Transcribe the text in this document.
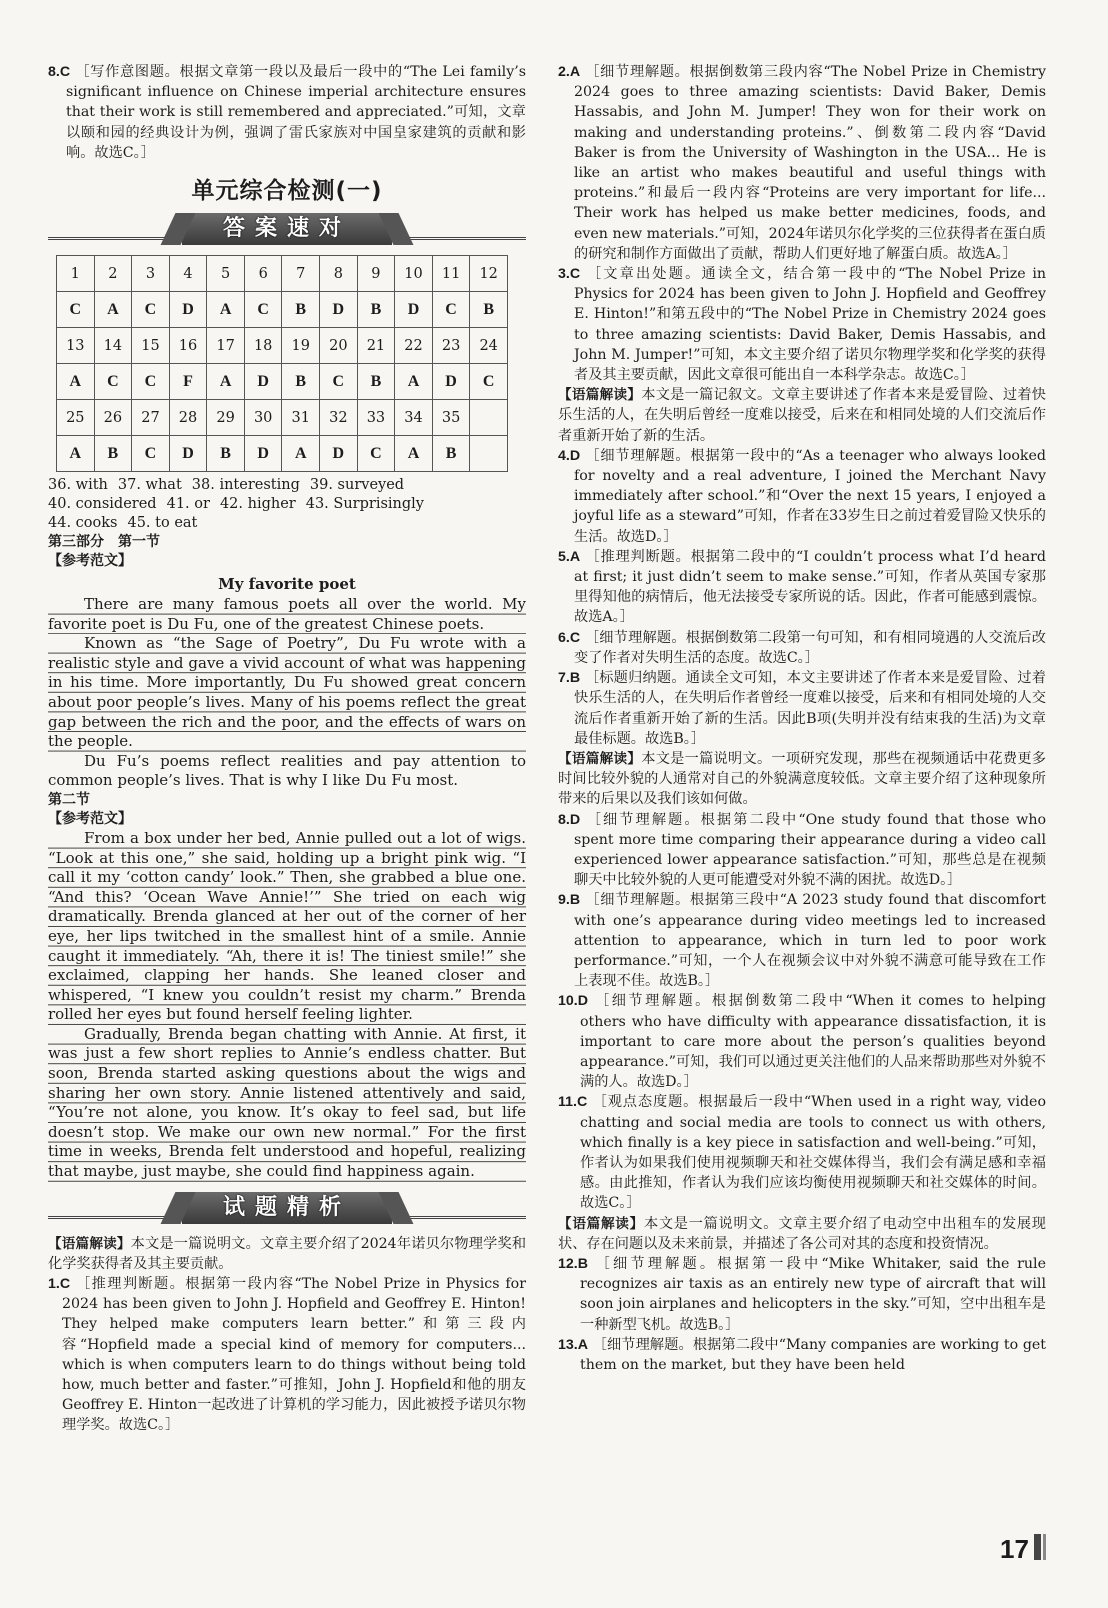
8.C ［写作意图题。根据文章第一段以及最后一段中的“The Lei family’s significant influence on Chinese imperial architecture ensures that their work is still remembered and appreciated.”可知，文章以颐和园的经典设计为例，强调了雷氏家族对中国皇家建筑的贡献和影响。故选C。］

单元综合检测(一)
答案速对
1	2	3	4	5	6	7	8	9	10	11	12
C	A	C	D	A	C	B	D	B	D	C	B
13	14	15	16	17	18	19	20	21	22	23	24
A	C	C	F	A	D	B	C	B	A	D	C
25	26	27	28	29	30	31	32	33	34	35	
A	B	C	D	B	D	A	D	C	A	B	

36. with 37. what 38. interesting 39. surveyed

40. considered 41. or 42. higher 43. Surprisingly

44. cooks 45. to eat

第三部分　第一节

【参考范文】

My favorite poet

There are many famous poets all over the world. My favorite poet is Du Fu, one of the greatest Chinese poets.

Known as “the Sage of Poetry”, Du Fu wrote with a realistic style and gave a vivid account of what was happening in his time. More importantly, Du Fu showed great concern about poor people’s lives. Many of his poems reflect the great gap between the rich and the poor, and the effects of wars on the people.

Du Fu’s poems reflect realities and pay attention to common people’s lives. That is why I like Du Fu most.

第二节

【参考范文】

From a box under her bed, Annie pulled out a lot of wigs. “Look at this one,” she said, holding up a bright pink wig. “I call it my ‘cotton candy’ look.” Then, she grabbed a blue one. “And this? ‘Ocean Wave Annie!’” She tried on each wig dramatically. Brenda glanced at her out of the corner of her eye, her lips twitched in the smallest hint of a smile. Annie caught it immediately. “Ah, there it is! The tiniest smile!” she exclaimed, clapping her hands. She leaned closer and whispered, “I knew you couldn’t resist my charm.” Brenda rolled her eyes but found herself feeling lighter.

Gradually, Brenda began chatting with Annie. At first, it was just a few short replies to Annie’s endless chatter. But soon, Brenda started asking questions about the wigs and sharing her own story. Annie listened attentively and said, “You’re not alone, you know. It’s okay to feel sad, but life doesn’t stop. We make our own new normal.” For the first time in weeks, Brenda felt understood and hopeful, realizing that maybe, just maybe, she could find happiness again.

试题精析

【语篇解读】本文是一篇说明文。文章主要介绍了2024年诺贝尔物理学奖和化学奖获得者及其主要贡献。

1.C ［推理判断题。根据第一段内容“The Nobel Prize in Physics for 2024 has been given to John J. Hopfield and Geoffrey E. Hinton! They helped make computers learn better.”和第三段内容“Hopfield made a special kind of memory for computers... which is when computers learn to do things without being told how, much better and faster.”可推知，John J. Hopfield和他的朋友Geoffrey E. Hinton一起改进了计算机的学习能力，因此被授予诺贝尔物理学奖。故选C。］

2.A ［细节理解题。根据倒数第三段内容“The Nobel Prize in Chemistry 2024 goes to three amazing scientists: David Baker, Demis Hassabis, and John M. Jumper! They won for their work on making and understanding proteins.”、倒数第二段内容“David Baker is from the University of Washington in the USA... He is like an artist who makes beautiful and useful things with proteins.”和最后一段内容“Proteins are very important for life... Their work has helped us make better medicines, foods, and even new materials.”可知，2024年诺贝尔化学奖的三位获得者在蛋白质的研究和制作方面做出了贡献，帮助人们更好地了解蛋白质。故选A。］

3.C ［文章出处题。通读全文，结合第一段中的“The Nobel Prize in Physics for 2024 has been given to John J. Hopfield and Geoffrey E. Hinton!”和第五段中的“The Nobel Prize in Chemistry 2024 goes to three amazing scientists: David Baker, Demis Hassabis, and John M. Jumper!”可知，本文主要介绍了诺贝尔物理学奖和化学奖的获得者及其主要贡献，因此文章很可能出自一本科学杂志。故选C。］

【语篇解读】本文是一篇记叙文。文章主要讲述了作者本来是爱冒险、过着快乐生活的人，在失明后曾经一度难以接受，后来在和相同处境的人们交流后作者重新开始了新的生活。

4.D ［细节理解题。根据第一段中的“As a teenager who always looked for novelty and a real adventure, I joined the Merchant Navy immediately after school.”和“Over the next 15 years, I enjoyed a joyful life as a steward”可知，作者在33岁生日之前过着爱冒险又快乐的生活。故选D。］

5.A ［推理判断题。根据第二段中的“I couldn’t process what I’d heard at first; it just didn’t seem to make sense.”可知，作者从英国专家那里得知他的病情后，他无法接受专家所说的话。因此，作者可能感到震惊。故选A。］

6.C ［细节理解题。根据倒数第二段第一句可知，和有相同境遇的人交流后改变了作者对失明生活的态度。故选C。］

7.B ［标题归纳题。通读全文可知，本文主要讲述了作者本来是爱冒险、过着快乐生活的人，在失明后作者曾经一度难以接受，后来和有相同处境的人交流后作者重新开始了新的生活。因此B项(失明并没有结束我的生活)为文章最佳标题。故选B。］

【语篇解读】本文是一篇说明文。一项研究发现，那些在视频通话中花费更多时间比较外貌的人通常对自己的外貌满意度较低。文章主要介绍了这种现象所带来的后果以及我们该如何做。

8.D ［细节理解题。根据第二段中“One study found that those who spent more time comparing their appearance during a video call experienced lower appearance satisfaction.”可知，那些总是在视频聊天中比较外貌的人更可能遭受对外貌不满的困扰。故选D。］

9.B ［细节理解题。根据第三段中“A 2023 study found that discomfort with one’s appearance during video meetings led to increased attention to appearance, which in turn led to poor work performance.”可知，一个人在视频会议中对外貌不满意可能导致在工作上表现不佳。故选B。］

10.D ［细节理解题。根据倒数第二段中“When it comes to helping others who have difficulty with appearance dissatisfaction, it is important to care more about the person’s qualities beyond appearance.”可知，我们可以通过更关注他们的人品来帮助那些对外貌不满的人。故选D。］

11.C ［观点态度题。根据最后一段中“When used in a right way, video chatting and social media are tools to connect us with others, which finally is a key piece in satisfaction and well-being.”可知，作者认为如果我们使用视频聊天和社交媒体得当，我们会有满足感和幸福感。由此推知，作者认为我们应该均衡使用视频聊天和社交媒体的时间。故选C。］

【语篇解读】本文是一篇说明文。文章主要介绍了电动空中出租车的发展现状、存在问题以及未来前景，并描述了各公司对其的态度和投资情况。

12.B ［细节理解题。根据第一段中“Mike Whitaker, said the rule recognizes air taxis as an entirely new type of aircraft that will soon join airplanes and helicopters in the sky.”可知，空中出租车是一种新型飞机。故选B。］

13.A ［细节理解题。根据第二段中“Many companies are working to get them on the market, but they have been held

17
